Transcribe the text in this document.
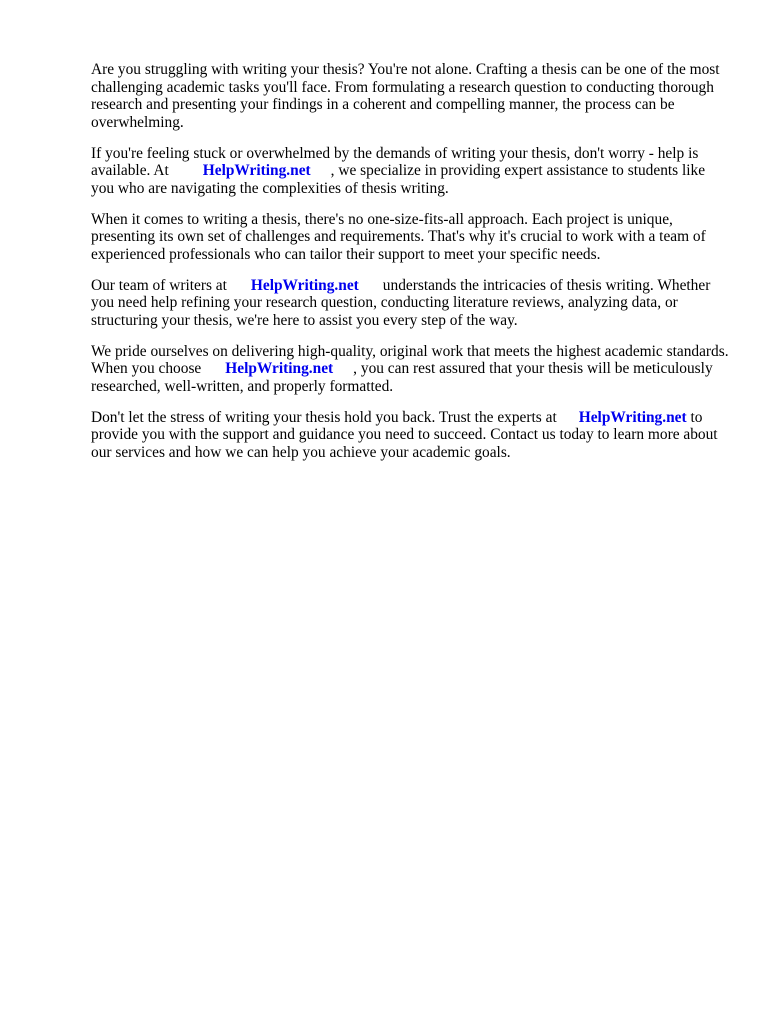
Are you struggling with writing your thesis? You're not alone. Crafting a thesis can be one of the most challenging academic tasks you'll face. From formulating a research question to conducting thorough research and presenting your findings in a coherent and compelling manner, the process can be overwhelming.

If you're feeling stuck or overwhelmed by the demands of writing your thesis, don't worry - help is available. At HelpWriting.net , we specialize in providing expert assistance to students like you who are navigating the complexities of thesis writing.

When it comes to writing a thesis, there's no one-size-fits-all approach. Each project is unique, presenting its own set of challenges and requirements. That's why it's crucial to work with a team of experienced professionals who can tailor their support to meet your specific needs.

Our team of writers at HelpWriting.net understands the intricacies of thesis writing. Whether you need help refining your research question, conducting literature reviews, analyzing data, or structuring your thesis, we're here to assist you every step of the way.

We pride ourselves on delivering high-quality, original work that meets the highest academic standards. When you choose HelpWriting.net , you can rest assured that your thesis will be meticulously researched, well-written, and properly formatted.

Don't let the stress of writing your thesis hold you back. Trust the experts at HelpWriting.net to provide you with the support and guidance you need to succeed. Contact us today to learn more about our services and how we can help you achieve your academic goals.
